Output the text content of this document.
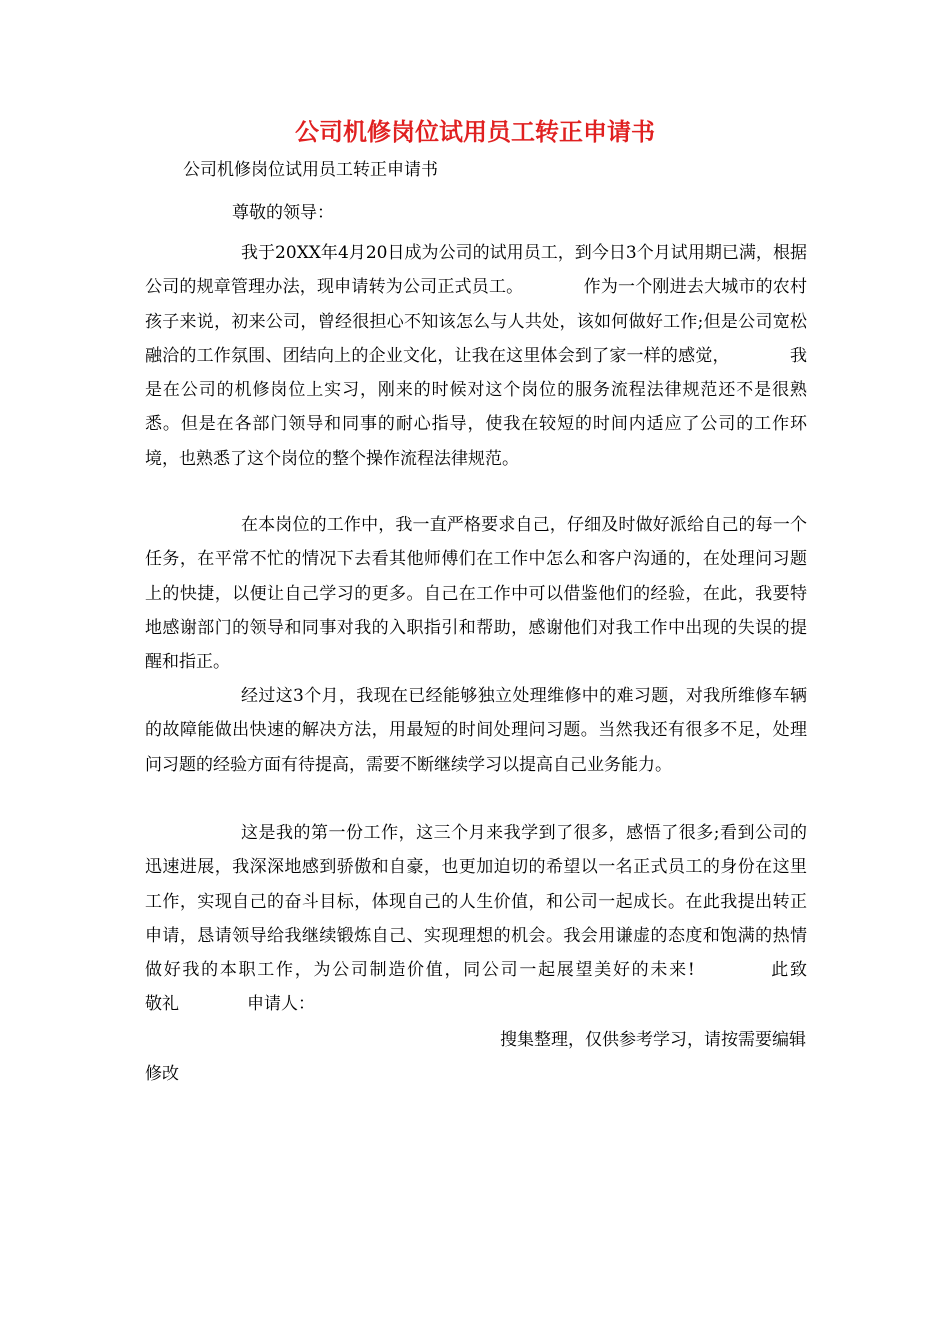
公司机修岗位试用员工转正申请书

公司机修岗位试用员工转正申请书

尊敬的领导：

我于20XX年4月20日成为公司的试用员工，到今日3个月试用期已满，根据公司的规章管理办法，现申请转为公司正式员工。　　　　作为一个刚进去大城市的农村孩子来说，初来公司，曾经很担心不知该怎么与人共处，该如何做好工作;但是公司宽松融洽的工作氛围、团结向上的企业文化，让我在这里体会到了家一样的感觉，　　　　我是在公司的机修岗位上实习，刚来的时候对这个岗位的服务流程法律规范还不是很熟悉。但是在各部门领导和同事的耐心指导，使我在较短的时间内适应了公司的工作环境，也熟悉了这个岗位的整个操作流程法律规范。

在本岗位的工作中，我一直严格要求自己，仔细及时做好派给自己的每一个任务，在平常不忙的情况下去看其他师傅们在工作中怎么和客户沟通的，在处理问习题上的快捷，以便让自己学习的更多。自己在工作中可以借鉴他们的经验，在此，我要特地感谢部门的领导和同事对我的入职指引和帮助，感谢他们对我工作中出现的失误的提醒和指正。

经过这3个月，我现在已经能够独立处理维修中的难习题，对我所维修车辆的故障能做出快速的解决方法，用最短的时间处理问习题。当然我还有很多不足，处理问习题的经验方面有待提高，需要不断继续学习以提高自己业务能力。

这是我的第一份工作，这三个月来我学到了很多，感悟了很多;看到公司的迅速进展，我深深地感到骄傲和自豪，也更加迫切的希望以一名正式员工的身份在这里工作，实现自己的奋斗目标，体现自己的人生价值，和公司一起成长。在此我提出转正申请，恳请领导给我继续锻炼自己、实现理想的机会。我会用谦虚的态度和饱满的热情做好我的本职工作，为公司制造价值，同公司一起展望美好的未来!　　　　此致　　　　敬礼　　　　申请人：

搜集整理，仅供参考学习，请按需要编辑修改
